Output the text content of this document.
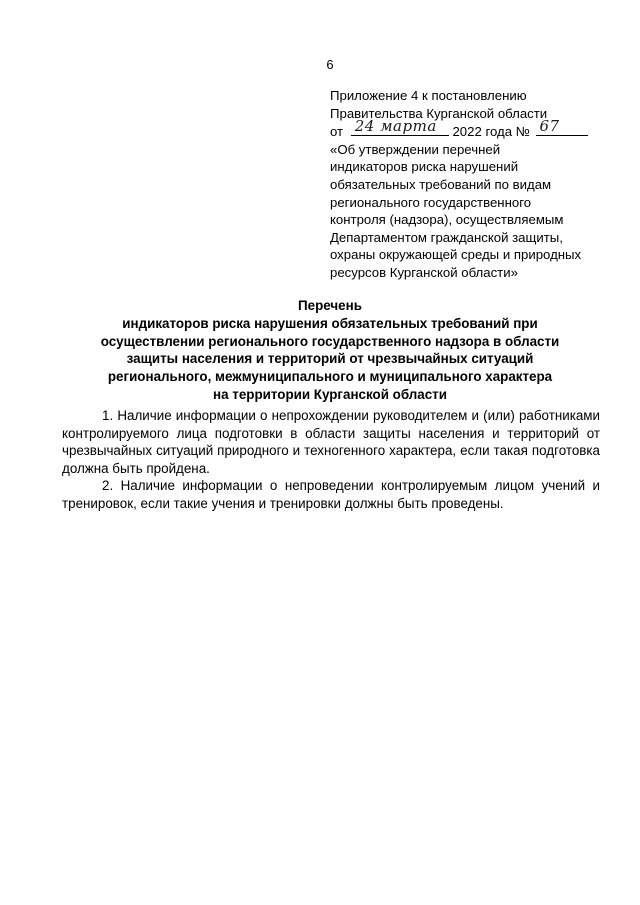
6
Приложение 4 к постановлению
Правительства Курганской области
от 24 марта 2022 года № 67
«Об утверждении перечней
индикаторов риска нарушений
обязательных требований по видам
регионального государственного
контроля (надзора), осуществляемым
Департаментом гражданской защиты,
охраны окружающей среды и природных
ресурсов Курганской области»
Перечень
индикаторов риска нарушения обязательных требований при
осуществлении регионального государственного надзора в области
защиты населения и территорий от чрезвычайных ситуаций
регионального, межмуниципального и муниципального характера
на территории Курганской области

1. Наличие информации о непрохождении руководителем и (или) работниками контролируемого лица подготовки в области защиты населения и территорий от чрезвычайных ситуаций природного и техногенного характера, если такая подготовка должна быть пройдена.

2. Наличие информации о непроведении контролируемым лицом учений и тренировок, если такие учения и тренировки должны быть проведены.
